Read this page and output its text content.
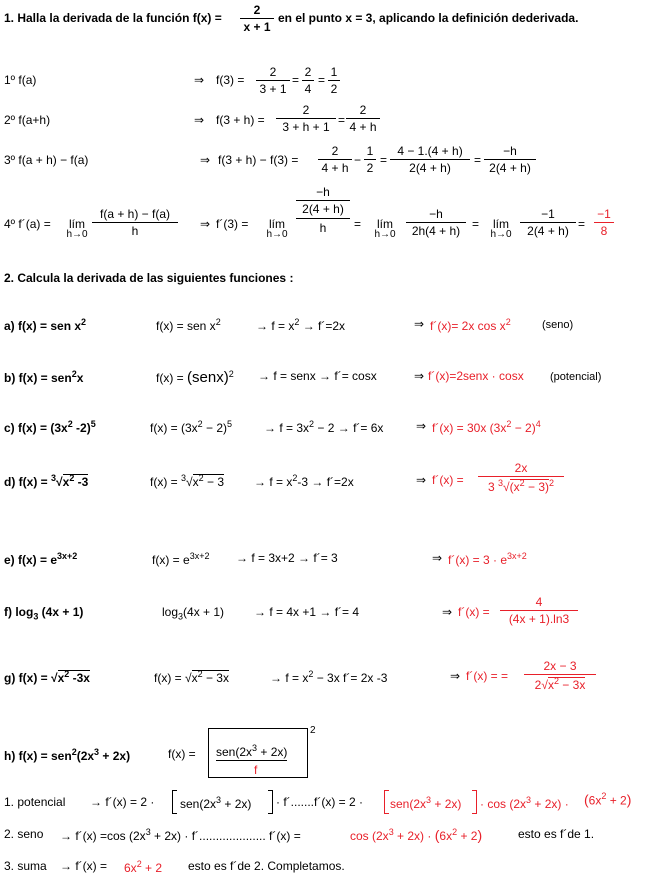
1. Halla la derivada de la función f(x) =
2
x + 1
en el punto x = 3, aplicando la definición dederivada.
1º f(a)	⇒ f(3) =
2
3 + 1
=
2
4
=
1
2
2º f(a+h)	⇒ f(3 + h) =
2
3 + h + 1 =
2
4 + h
3º f(a + h) − f(a)	⇒ f(3 + h) − f(3) =
2
4 + h
−
1
2
=
4 − 1.(4 + h)
2(4 + h)
=
−h
2(4 + h)
4º f´(a) =	lím
h→0
f(a + h) − f(a)
h	⇒ f´(3) =	lím
h→0
−h
2(4 + h)
h	=	lím
h→0
−h
2h(4 + h) =	lím
h→0
−1
2(4 + h) =
−1
8
2. Calcula la derivada de las siguientes funciones :
a) f(x) = sen $x^2$	f(x) = sen $x^2$	→ $f = x^2$ → f´=2x	⇒ f´(x)= 2x $\cos x^2$	(seno)
b) f(x) = sen$^2$x	f(x) = (senx)$^2$ → f = senx → f´= cosx	⇒ f´(x)=2senx · cosx (potencial)
c) $f(x) = (3x^2$ -2)$^5$	$f(x) = (3x^2 - 2)^5$	→ $f = 3x^2 - 2$ → f´= 6x	⇒ f´(x) = 30x $(3x^2 - 2)^4$
d) $f(x) = ^3√x^2$ -3	$f(x) = ^3√x^2 - 3$	→ $f = x^2-3$ → f´=2x	⇒ f´(x) =
2x
3 $^3√(x^2 - 3)^2$
e) $f(x) = e^{3x+2}$	$f(x) = e^{3x+2} \to f = 3x+2$ → f´= 3	⇒ f´(x) = $3 \cdot e^{3x+2}$
f) $\log_3 (4x + 1)$	$\log_3(4x + 1) \to f = 4x +1$ → f´= 4	⇒ f´(x) =
4
(4x + 1).ln3
g) $f(x) = √x^2$ -3x	$f(x) = √x^2 - 3x$	→ $f = x^2 - 3x$ f´= 2x -3	⇒ f´(x) = =
2x − 3
$2√x^2 - 3x$
h) $f(x) = sen^2(2x^3 + 2x)$	$f(x) = sen(2x^3 + 2x)$
f
2
1. potencial → f´(x) = $2 \cdot sen(2x^3 + 2x)$ · f´.......f´(x) = $2 \cdot sen(2x^3 + 2x) \cdot \cos (2x^3 + 2x) \cdot (6x^2 + 2)$
2. seno → f´(x) =cos $(2x^3 + 2x)$ · f´.................... f´(x) =	$\cos (2x^3 + 2x) \cdot (6x^2 + 2)$	esto es f´de 1.
3. suma → f´(x) = $6x^2 + 2$ esto es f´de 2. Completamos.
